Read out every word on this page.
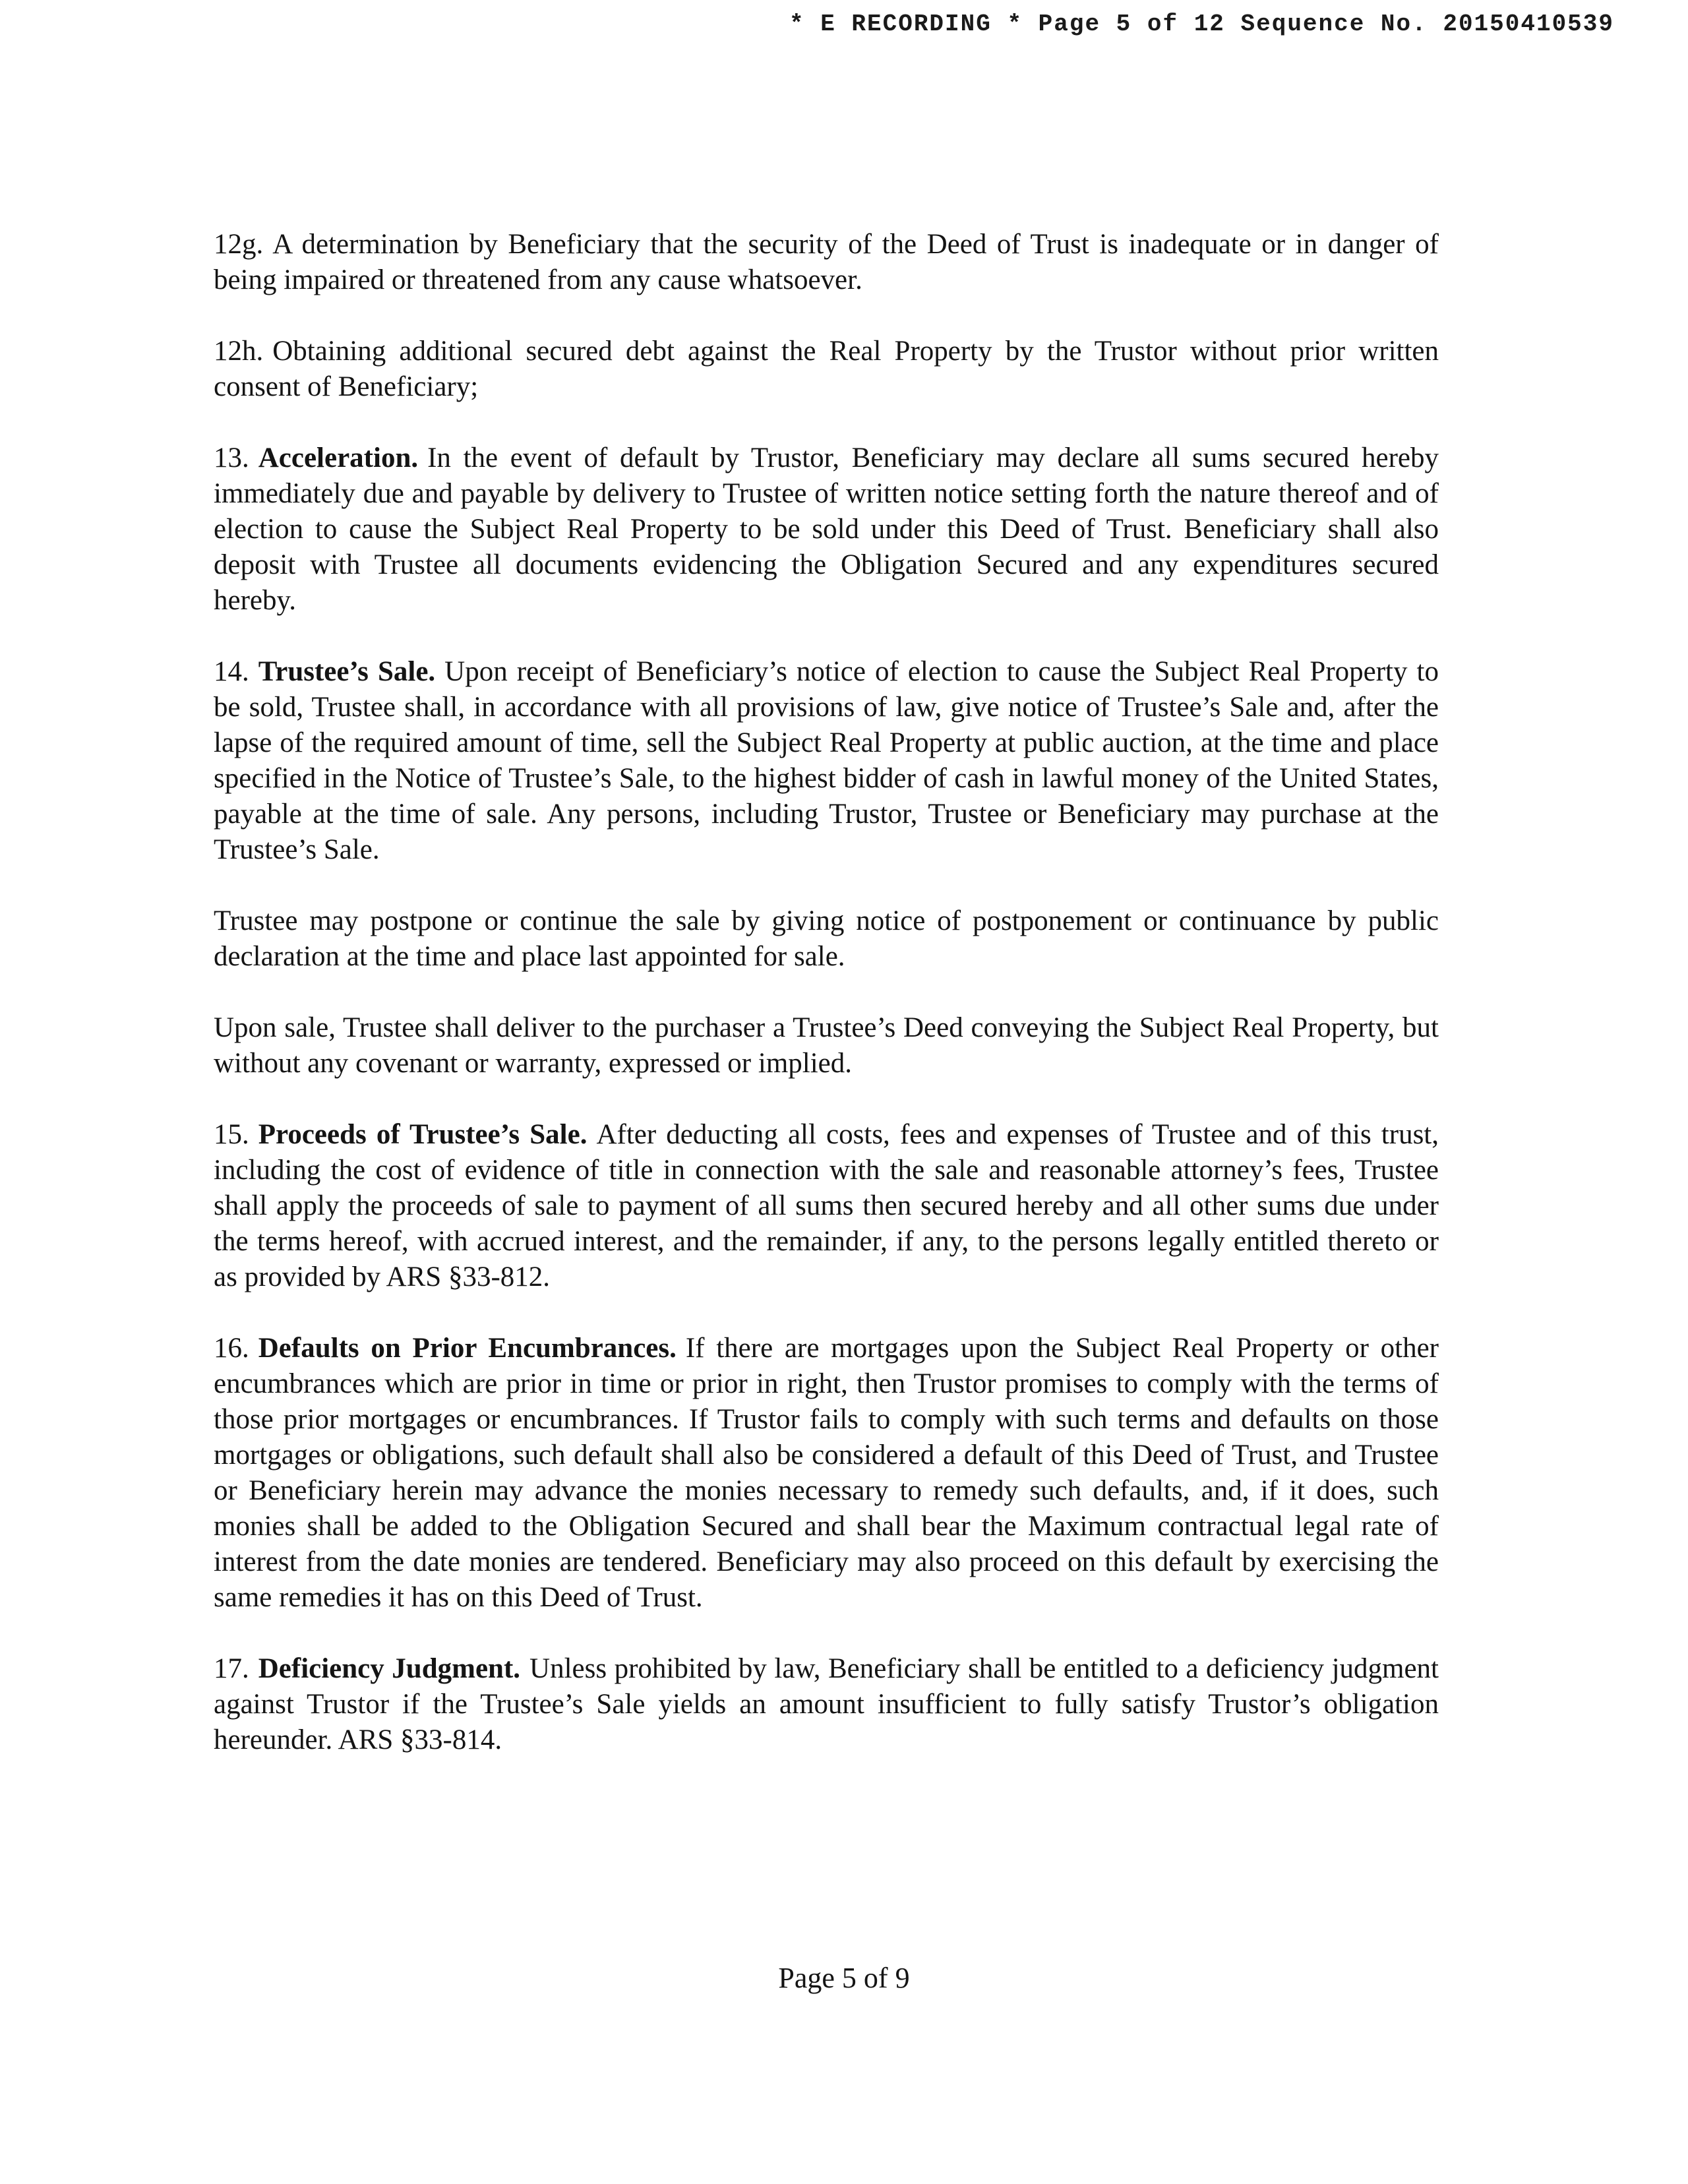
* E RECORDING * Page 5 of 12 Sequence No. 20150410539

12g. A determination by Beneficiary that the security of the Deed of Trust is inadequate or in danger of being impaired or threatened from any cause whatsoever.

12h. Obtaining additional secured debt against the Real Property by the Trustor without prior written consent of Beneficiary;

13. Acceleration. In the event of default by Trustor, Beneficiary may declare all sums secured hereby immediately due and payable by delivery to Trustee of written notice setting forth the nature thereof and of election to cause the Subject Real Property to be sold under this Deed of Trust. Beneficiary shall also deposit with Trustee all documents evidencing the Obligation Secured and any expenditures secured hereby.

14. Trustee’s Sale. Upon receipt of Beneficiary’s notice of election to cause the Subject Real Property to be sold, Trustee shall, in accordance with all provisions of law, give notice of Trustee’s Sale and, after the lapse of the required amount of time, sell the Subject Real Property at public auction, at the time and place specified in the Notice of Trustee’s Sale, to the highest bidder of cash in lawful money of the United States, payable at the time of sale. Any persons, including Trustor, Trustee or Beneficiary may purchase at the Trustee’s Sale.

Trustee may postpone or continue the sale by giving notice of postponement or continuance by public declaration at the time and place last appointed for sale.

Upon sale, Trustee shall deliver to the purchaser a Trustee’s Deed conveying the Subject Real Property, but without any covenant or warranty, expressed or implied.

15. Proceeds of Trustee’s Sale. After deducting all costs, fees and expenses of Trustee and of this trust, including the cost of evidence of title in connection with the sale and reasonable attorney’s fees, Trustee shall apply the proceeds of sale to payment of all sums then secured hereby and all other sums due under the terms hereof, with accrued interest, and the remainder, if any, to the persons legally entitled thereto or as provided by ARS §33-812.

16. Defaults on Prior Encumbrances. If there are mortgages upon the Subject Real Property or other encumbrances which are prior in time or prior in right, then Trustor promises to comply with the terms of those prior mortgages or encumbrances. If Trustor fails to comply with such terms and defaults on those mortgages or obligations, such default shall also be considered a default of this Deed of Trust, and Trustee or Beneficiary herein may advance the monies necessary to remedy such defaults, and, if it does, such monies shall be added to the Obligation Secured and shall bear the Maximum contractual legal rate of interest from the date monies are tendered. Beneficiary may also proceed on this default by exercising the same remedies it has on this Deed of Trust.

17. Deficiency Judgment. Unless prohibited by law, Beneficiary shall be entitled to a deficiency judgment against Trustor if the Trustee’s Sale yields an amount insufficient to fully satisfy Trustor’s obligation hereunder. ARS §33-814.

Page 5 of 9
